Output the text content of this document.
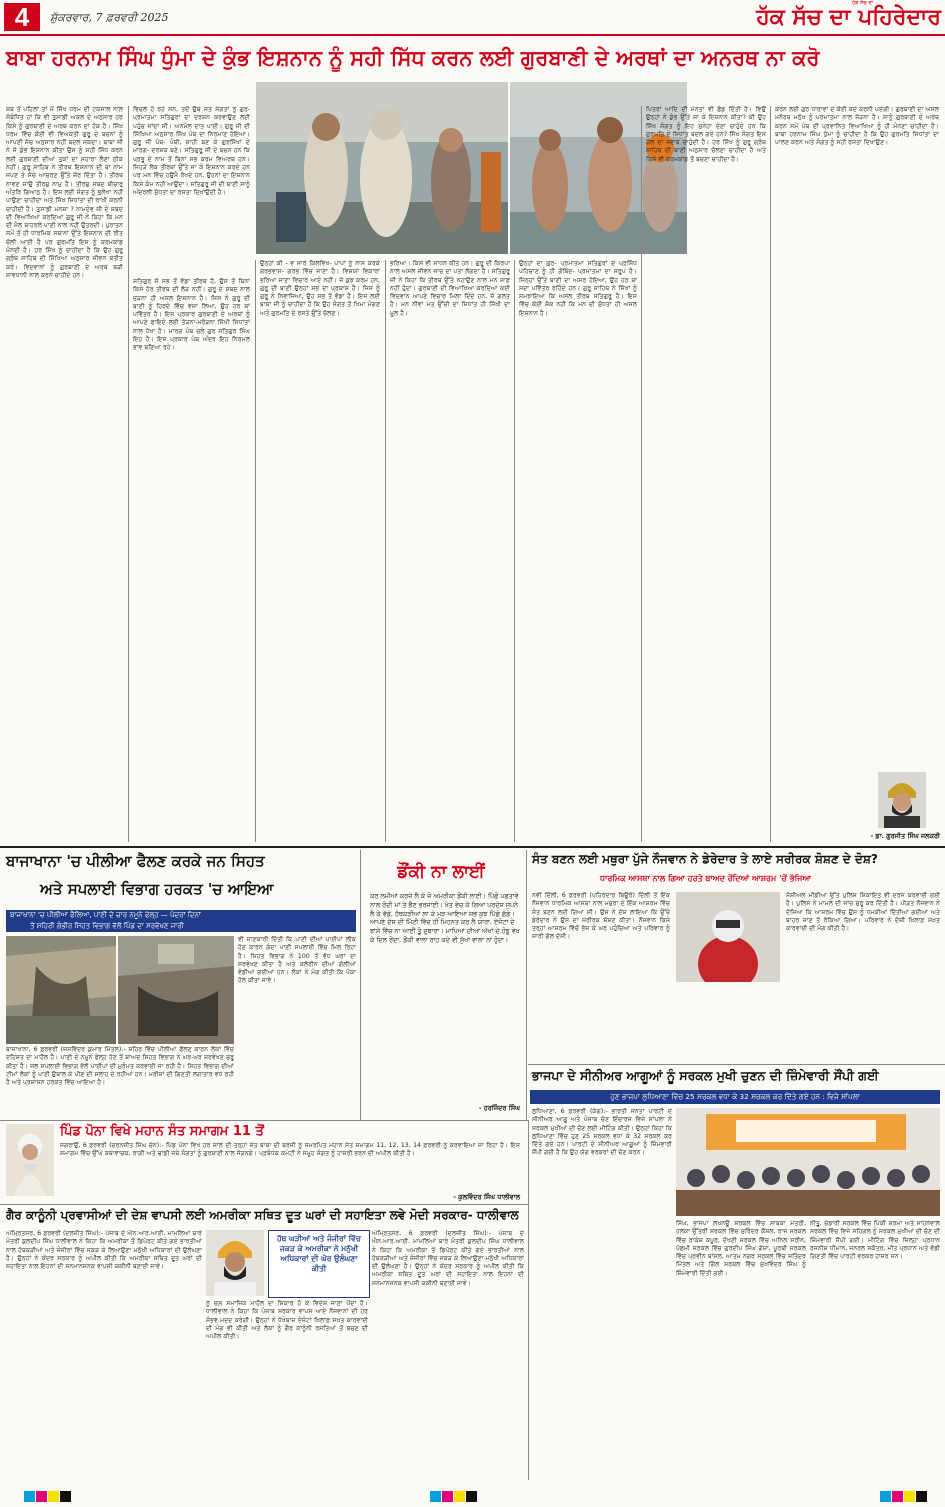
4	ਸ਼ੁੱਕਰਵਾਰ, 7 ਫ਼ਰਵਰੀ 2025
ਹੱਕ ਸੱਚ ਦਾ
ਹੱਕ ਸੱਚ ਦਾ ਪਹਿਰੇਦਾਰ
ਬਾਬਾ ਹਰਨਾਮ ਸਿੰਘ ਧੁੰਮਾ ਦੇ ਕੁੰਭ ਇਸ਼ਨਾਨ ਨੂੰ ਸਹੀ ਸਿੱਧ ਕਰਨ ਲਈ ਗੁਰਬਾਣੀ ਦੇ ਅਰਥਾਂ ਦਾ ਅਨਰਥ ਨਾ ਕਰੋ
ਸ਼ਬ ਤੋਂ ਪਹਿਲਾਂ ਤਾਂ ਮੈਂ ਸਿੱਖ ਧਰਮ ਦੀ ਟਕਸਾਲ ਨਾਲ ਸੰਬੰਧਿਤ ਹਾਂ ਕਿ ਵੀ ਤੁਸਾਡੀ ਅਕਲ ਦੇ ਅਨੁਸਾਰ ਹਰ ਕਿਸੇ ਨੂੰ ਗੁਰਬਾਣੀ ਦੇ ਅਰਥ ਕਰਨ ਦਾ ਹੱਕ ਹੈ। ਸਿੱਖ ਧਰਮ ਵਿੱਚ ਕੋਈ ਵੀ ਵਿਅਕਤੀ ਗੁਰੂ ਦੇ ਬਚਨਾਂ ਨੂੰ ਆਪਣੀ ਸੋਚ ਅਨੁਸਾਰ ਨਹੀਂ ਬਦਲ ਸਕਦਾ। ਬਾਬਾ ਜੀ ਨੇ ਜੋ ਕੁੰਭ ਇਸ਼ਨਾਨ ਕੀਤਾ ਉਸ ਨੂੰ ਸਹੀ ਸਿੱਧ ਕਰਨ ਲਈ ਗੁਰਬਾਣੀ ਦੀਆਂ ਤੁਕਾਂ ਦਾ ਸਹਾਰਾ ਲੈਣਾ ਠੀਕ ਨਹੀਂ। ਗੁਰੂ ਸਾਹਿਬ ਨੇ ਤੀਰਥ ਇਸ਼ਨਾਨ ਦੀ ਥਾਂ ਨਾਮ ਜਪਣ ਤੇ ਸੱਚੇ ਆਚਰਣ ਉੱਤੇ ਜ਼ੋਰ ਦਿੱਤਾ ਹੈ। ਤੀਰਥ ਨਾਵਣ ਜਾਉ ਤੀਰਥੁ ਨਾਮੁ ਹੈ। ਤੀਰਥੁ ਸਬਦ ਬੀਚਾਰੁ ਅੰਤਰਿ ਗਿਆਨੁ ਹੈ। ਇਸ ਲਈ ਸੰਗਤ ਨੂੰ ਭੁਲੇਖਾ ਨਹੀਂ ਪਾਉਣਾ ਚਾਹੀਦਾ ਅਤੇ ਸਿੱਖ ਸਿਧਾਂਤਾਂ ਦੀ ਰਾਖੀ ਕਰਨੀ ਚਾਹੀਦੀ ਹੈ। ਤੁਸਾਡੀ ਮਨਸ਼ਾ ? ਨਾਮਦੇਵ ਜੀ ਦੇ ਸ਼ਬਦ ਦੀ ਵਿਆਖਿਆ ਕਰਦਿਆਂ ਗੁਰੂ ਜੀ ਨੇ ਕਿਹਾ ਕਿ ਮਨ ਦੀ ਮੈਲ ਬਾਹਰਲੇ ਪਾਣੀ ਨਾਲ ਨਹੀਂ ਉਤਰਦੀ। ਪੁਰਾਤਨ ਸਮੇਂ ਤੋਂ ਹੀ ਧਾਰਮਿਕ ਸਥਾਨਾਂ ਉੱਤੇ ਇਸ਼ਨਾਨ ਦੀ ਰੀਤ ਚੱਲੀ ਆਈ ਹੈ ਪਰ ਗੁਰਮਤਿ ਇਸ ਨੂੰ ਕਰਮਕਾਂਡ ਮੰਨਦੀ ਹੈ। ਹਰ ਸਿੱਖ ਨੂੰ ਚਾਹੀਦਾ ਹੈ ਕਿ ਉਹ ਗੁਰੂ ਗ੍ਰੰਥ ਸਾਹਿਬ ਦੀ ਸਿੱਖਿਆ ਅਨੁਸਾਰ ਜੀਵਨ ਬਤੀਤ ਕਰੇ। ਵਿਦਵਾਨਾਂ ਨੂੰ ਗੁਰਬਾਣੀ ਦੇ ਅਰਥ ਬੜੀ ਸਾਵਧਾਨੀ ਨਾਲ ਕਰਨੇ ਚਾਹੀਦੇ ਹਨ।
ਵਿਚਲੇ ਹੋ ਰਹੇ ਸਨ, ਤਦੋਂ ਉਥੇ ਸਤ ਸੰਗਤਾਂ ਨੂੰ ਗੁਰ- ਪ੍ਰਮਾਤਮਾ ਸਤਿਗੁਰਾਂ ਦਾ ਦਰਸ਼ਨ ਕਰਵਾਉਣ ਲਈ ਪਹੁੰਚ ਜਾਂਦਾ ਸੀ। ਅਨਮੋਲ ਦਾਤ ਪਾਈ। ਗੁਰੂ ਜੀ ਦੀ ਸਿੱਖਿਆ ਅਨੁਸਾਰ ਸਿੱਖ ਪੰਥ ਦਾ ਨਿਰਮਾਣ ਹੋਇਆ। ਗੁਰੂ ਜੀ ਪੰਥ- ਪੰਥੀ, ਸ਼ਾਹੀ ਬਣ ਕੇ ਗੁਰਸਿੱਖਾਂ ਦੇ ਮਾਰਗ- ਦਰਸ਼ਕ ਬਣੇ। ਸਤਿਗੁਰੂ ਜੀ ਦੇ ਬਚਨ ਹਨ ਕਿ ਪ੍ਰਭੂ ਦੇ ਨਾਮ ਤੋਂ ਬਿਨਾਂ ਸਭ ਕਰਮ ਵਿਅਰਥ ਹਨ। ਜਿਹੜੇ ਲੋਕ ਤੀਰਥਾਂ ਉੱਤੇ ਜਾ ਕੇ ਇਸ਼ਨਾਨ ਕਰਦੇ ਹਨ ਪਰ ਮਨ ਵਿੱਚ ਹਉਮੈ ਰੱਖਦੇ ਹਨ, ਉਹਨਾਂ ਦਾ ਇਸ਼ਨਾਨ ਕਿਸੇ ਕੰਮ ਨਹੀਂ ਆਉਂਦਾ। ਸਤਿਗੁਰੂ ਜੀ ਦੀ ਬਾਣੀ ਸਾਨੂੰ ਅੰਦਰਲੀ ਸੁੱਧਤਾ ਦਾ ਰਸਤਾ ਦਿਖਾਉਂਦੀ ਹੈ।
ਸਤਿਗੁਰ ਜੋ ਸਭ ਤੋਂ ਵੱਡਾ ਤੀਰਥ ਹੈ, ਉਸ ਤੋਂ ਬਿਨਾਂ ਕਿਸੇ ਹੋਰ ਤੀਰਥ ਦੀ ਲੋੜ ਨਹੀਂ। ਗੁਰੂ ਦੇ ਸ਼ਬਦ ਨਾਲ ਜੁੜਨਾ ਹੀ ਅਸਲ ਇਸ਼ਨਾਨ ਹੈ। ਜਿਸ ਨੇ ਗੁਰੂ ਦੀ ਬਾਣੀ ਨੂੰ ਹਿਰਦੇ ਵਿੱਚ ਵਸਾ ਲਿਆ, ਉਹ ਹਰ ਥਾਂ ਪਵਿੱਤਰ ਹੈ। ਇਸ ਪ੍ਰਕਾਰ ਗੁਰਬਾਣੀ ਦੇ ਅਰਥਾਂ ਨੂੰ ਆਪਣੇ ਫਾਇਦੇ ਲਈ ਤੋੜਨਾ-ਮਰੋੜਨਾ ਸਿੱਖੀ ਸਿਧਾਂਤਾਂ ਨਾਲ ਧੋਖਾ ਹੈ। ਮਾਰਗ ਪੰਥ ਚਲੇ ਗੁਰ ਸਤਿਗੁਰ ਸਿੰਘ ਇਹ ਹੈ। ਇਸ ਪ੍ਰਕਾਰ ਪੰਥ ਅੰਦਰ ਇਹ ਨਿਰਮਲ ਭਾਵ ਬਣਿਆ ਰਹੇ।
ਉਨ੍ਹਾਂ ਕੀ - ਵ ਸਾਰੇ ਕਿਲਵਿਖ- ਪਾਪਾਂ ਨੂੰ ਨਾਸ ਕਰਕੇ ਗਰਭਵਾਸ- ਗਰਭ ਵਿੱਚ ਜਾਣਾ ਹੈ। ਵਿਸ਼ਯਾਂ ਵਿਕਾਰਾਂ ਭਰਿਆ ਜਾਣਾ ਵਿਚਾਰ ਆਏ ਨਹੀਂ। ਜੋ ਕੁਝ ਕਰਮ ਹਨ, ਗੁਰੂ ਦੀ ਬਾਣੀ ਉਨ੍ਹਾਂ ਸਭ ਦਾ ਪ੍ਰਕਾਸ਼ ਹੈ। ਜਿਸ ਨੂੰ ਗੁਰੂ ਨੇ ਨਿਵਾਜਿਆ, ਉਹ ਸਭ ਤੋਂ ਵੱਡਾ ਹੈ। ਇਸ ਲਈ ਬਾਬਾ ਜੀ ਨੂੰ ਚਾਹੀਦਾ ਹੈ ਕਿ ਉਹ ਸੰਗਤ ਤੋਂ ਖਿਮਾ ਮੰਗਣ ਅਤੇ ਗੁਰਮਤਿ ਦੇ ਰਸਤੇ ਉੱਤੇ ਚੱਲਣ।
ਭਰਿਆ। ਕਿਸੇ ਵੀ ਸਾਧਨ ਕੀਤੇ ਹਨ। ਗੁਰੂ ਦੀ ਕਿਰਪਾ ਨਾਲ ਅਸਲ ਜੀਵਨ ਜਾਚ ਦਾ ਪਤਾ ਲੱਗਦਾ ਹੈ। ਸਤਿਗੁਰੂ ਜੀ ਨੇ ਕਿਹਾ ਕਿ ਤੀਰਥ ਉੱਤੇ ਨਹਾਉਣ ਨਾਲ ਮਨ ਸਾਫ਼ ਨਹੀਂ ਹੁੰਦਾ। ਗੁਰਬਾਣੀ ਦੀ ਵਿਆਖਿਆ ਕਰਦਿਆਂ ਕਈ ਵਿਦਵਾਨ ਆਪਣੇ ਵਿਚਾਰ ਮਿਲਾ ਦਿੰਦੇ ਹਨ, ਜੋ ਗਲਤ ਹੈ। ਮਨ ਨੀਵਾਂ ਮਤ ਉੱਚੀ ਦਾ ਸਿਧਾਂਤ ਹੀ ਸਿੱਖੀ ਦਾ ਮੂਲ ਹੈ।
ਉਨ੍ਹਾਂ ਦਾ ਗੁਰ- ਪ੍ਰਮਾਤਮਾ ਸਤਿਗੁਰਾਂ ਦੇ ਪ੍ਰਸ਼ਿੱਧ ਪਹਿਚਾਣ ਨੂੰ ਹੀ ਗੋਬਿੰਦ- ਪ੍ਰਮਾਤਮਾ ਦਾ ਸਰੂਪ ਹੈ। ਜਿਨ੍ਹਾਂ ਉੱਤੇ ਬਾਣੀ ਦਾ ਅਸਰ ਹੋਇਆ, ਉਹ ਹਰ ਥਾਂ ਸਦਾ ਪਵਿੱਤਰ ਰਹਿੰਦੇ ਹਨ। ਗੁਰੂ ਸਾਹਿਬ ਨੇ ਸਿੱਖਾਂ ਨੂੰ ਸਮਝਾਇਆ ਕਿ ਅਸਲ ਤੀਰਥ ਸਤਿਗੁਰੂ ਹੈ। ਇਸ ਵਿੱਚ ਕੋਈ ਸ਼ੱਕ ਨਹੀਂ ਕਿ ਮਨ ਦੀ ਸੁੱਧਤਾ ਹੀ ਅਸਲ ਇਸ਼ਨਾਨ ਹੈ।
ਪਿਤਰਾਂ ਆਦਿ ਦੀ ਮੰਨਤਾਂ ਵੀ ਛੱਡ ਦਿੱਤੀ ਹੈ। ਵਿਉਂ ਉਨ੍ਹਾਂ ਨੇ ਕੁੰਭ ਉੱਤੇ ਜਾ ਕੇ ਇਸ਼ਨਾਨ ਕੀਤਾ? ਕੀ ਉਹ ਸਿੱਖ ਸੰਗਤ ਨੂੰ ਇਹ ਸੁਨੇਹਾ ਦੇਣਾ ਚਾਹੁੰਦੇ ਹਨ ਕਿ ਗੁਰਮਤਿ ਦੇ ਸਿਧਾਂਤ ਬਦਲ ਗਏ ਹਨ? ਸਿੱਖ ਸੰਗਤ ਇਸ ਗੱਲ ਦਾ ਜਵਾਬ ਚਾਹੁੰਦੀ ਹੈ। ਹਰ ਸਿੱਖ ਨੂੰ ਗੁਰੂ ਗ੍ਰੰਥ ਸਾਹਿਬ ਦੀ ਬਾਣੀ ਅਨੁਸਾਰ ਚੱਲਣਾ ਚਾਹੀਦਾ ਹੈ ਅਤੇ ਕਿਸੇ ਵੀ ਕਰਮਕਾਂਡ ਤੋਂ ਬਚਣਾ ਚਾਹੀਦਾ ਹੈ।
ਕਰਨ ਲਈ ਗੁਰ ਧਾਰਾਵਾਂ ਦੇ ਕੋਈ ਕਦੇ ਕਰਨੀ ਪਏਗੀ। ਗੁਰਬਾਣੀ ਦਾ ਅਸਲ ਮਨੋਰਥ ਮਨੁੱਖ ਨੂੰ ਪਰਮਾਤਮਾ ਨਾਲ ਜੋੜਨਾ ਹੈ। ਸਾਨੂੰ ਗੁਰਬਾਣੀ ਦੇ ਅਰਥ ਕਰਨ ਸਮੇਂ ਪੰਥ ਦੀ ਪ੍ਰਵਾਨਿਤ ਵਿਆਖਿਆ ਨੂੰ ਹੀ ਮੰਨਣਾ ਚਾਹੀਦਾ ਹੈ। ਬਾਬਾ ਹਰਨਾਮ ਸਿੰਘ ਧੁੰਮਾ ਨੂੰ ਚਾਹੀਦਾ ਹੈ ਕਿ ਉਹ ਗੁਰਮਤਿ ਸਿਧਾਂਤਾਂ ਦਾ ਪਾਲਣ ਕਰਨ ਅਤੇ ਸੰਗਤ ਨੂੰ ਸਹੀ ਰਸਤਾ ਦਿਖਾਉਣ।
- ਡਾ. ਗੁਰਜੀਤ ਸਿੰਘ ਜਲਕਰੀ
ਬਾਜਾਖਾਨਾ 'ਚ ਪੀਲੀਆ ਫੈਲਣ ਕਰਕੇ ਜਨ ਸਿਹਤ
ਅਤੇ ਸਪਲਾਈ ਵਿਭਾਗ ਹਰਕਤ 'ਚ ਆਇਆ
ਬਾਜਾਖਾਨਾ 'ਚ ਪੀਲੀਆ ਫੈਲਿਆ, ਪਾਣੀ ਦੇ ਚਾਰ ਨਮੂਨੇ ਫੇਲ੍ਹ — ਪੰਦਰਾਂ ਦਿਨਾਂ
ਤੋਂ ਸ਼ਹਿਰੀ ਗੰਭੀਰ ਸਿਹਤ ਵਿਭਾਗ ਵੱਲੋਂ ਪਿੰਡ ਦਾ ਸਰਵੇਖਣ ਜਾਰੀ
ਬਾਜਾਖਾਨਾ, 6 ਫ਼ਰਵਰੀ (ਜਸਵਿੰਦਰ ਕੁਮਾਰ ਮਿੱਤਲ):- ਸ਼ਹਿਰ ਵਿੱਚ ਪੀਲੀਆ ਫੈਲਣ ਕਾਰਨ ਲੋਕਾਂ ਵਿੱਚ ਦਹਿਸ਼ਤ ਦਾ ਮਾਹੌਲ ਹੈ। ਪਾਣੀ ਦੇ ਨਮੂਨੇ ਫੇਲ੍ਹ ਹੋਣ ਤੋਂ ਬਾਅਦ ਸਿਹਤ ਵਿਭਾਗ ਨੇ ਘਰ-ਘਰ ਸਰਵੇਖਣ ਸ਼ੁਰੂ ਕੀਤਾ ਹੈ। ਜਲ ਸਪਲਾਈ ਵਿਭਾਗ ਵੱਲੋਂ ਪਾਈਪਾਂ ਦੀ ਮੁਰੰਮਤ ਕਰਵਾਈ ਜਾ ਰਹੀ ਹੈ। ਸਿਹਤ ਵਿਭਾਗ ਦੀਆਂ ਟੀਮਾਂ ਲੋਕਾਂ ਨੂੰ ਪਾਣੀ ਉਬਾਲ ਕੇ ਪੀਣ ਦੀ ਸਲਾਹ ਦੇ ਰਹੀਆਂ ਹਨ। ਮਰੀਜ਼ਾਂ ਦੀ ਗਿਣਤੀ ਲਗਾਤਾਰ ਵਧ ਰਹੀ ਹੈ ਅਤੇ ਪ੍ਰਸ਼ਾਸਨ ਹਰਕਤ ਵਿੱਚ ਆਇਆ ਹੈ।
ਵੀ ਜਾਣਕਾਰੀ ਦਿੱਤੀ ਕਿ ਪਾਣੀ ਦੀਆਂ ਪਾਈਪਾਂ ਲੀਕ ਹੋਣ ਕਾਰਨ ਗੰਦਾ ਪਾਣੀ ਸਪਲਾਈ ਵਿੱਚ ਮਿਲ ਰਿਹਾ ਹੈ। ਸਿਹਤ ਵਿਭਾਗ ਨੇ 100 ਤੋਂ ਵੱਧ ਘਰਾਂ ਦਾ ਸਰਵੇਖਣ ਕੀਤਾ ਹੈ ਅਤੇ ਕਲੋਰੀਨ ਦੀਆਂ ਗੋਲੀਆਂ ਵੰਡੀਆਂ ਗਈਆਂ ਹਨ। ਲੋਕਾਂ ਨੇ ਮੰਗ ਕੀਤੀ ਕਿ ਪੱਕਾ ਹੱਲ ਕੀਤਾ ਜਾਵੇ।
ਡੌਂਕੀ ਨਾ ਲਾਈਂ
ਕਰ ਲਮੀਆਂ ਕਰਜ਼ੇ ਲੈ ਕੇ ਜੋ ਅਮਰੀਕਾ ਡੌਂਕੀ ਲਾਈ। ਪਿੱਛੋਂ ਪਛਤਾਵੇ ਨਾਲ ਰੋਂਦੀ ਮਾਂ ਤੇ ਭੈਣ ਭਰਜਾਈ। ਖੇਤ ਵੇਚ ਕੇ ਗਿਆ ਪਰਦੇਸ ਸੁਪਨੇ ਲੈ ਕੇ ਵੱਡੇ, ਹੱਥਕੜੀਆਂ ਲਾ ਕੇ ਮੁੜ ਆਇਆ ਸਭ ਕੁਝ ਪਿੱਛੇ ਛੱਡੇ। ਆਪਣੇ ਦੇਸ ਦੀ ਮਿੱਟੀ ਵਿੱਚ ਹੀ ਮਿਹਨਤ ਕਰ ਲੈ ਯਾਰਾ, ਏਜੰਟਾਂ ਦੇ ਝਾਂਸੇ ਵਿੱਚ ਨਾ ਆਈਂ ਤੂੰ ਦੁਬਾਰਾ। ਮਾਪਿਆਂ ਦੀਆਂ ਅੱਖਾਂ ਦੇ ਹੰਝੂ ਵੇਖ ਕੇ ਦਿਲ ਰੋਂਦਾ, ਡੌਂਕੀ ਵਾਲਾ ਰਾਹ ਕਦੇ ਵੀ ਸੁੱਖਾਂ ਵਾਲਾ ਨਾ ਹੁੰਦਾ।
- ਹਰਜਿੰਦਰ ਸਿੰਘ
ਸੰਤ ਬਣਨ ਲਈ ਮਥੁਰਾ ਪੁੱਜੇ ਨੌਜਵਾਨ ਨੇ ਡੇਰੇਦਾਰ ਤੇ ਲਾਏ ਸਰੀਰਕ ਸ਼ੋਸ਼ਣ ਦੇ ਦੋਸ਼?
ਧਾਰਮਿਕ ਆਸਥਾ ਨਾਲ ਗਿਆ ਹਰਤੇ ਬਾਅਦ ਰੋਂਦਿਆਂ ਆਸ਼ਰਮ 'ਚੋਂ ਭੱਜਿਆ
ਨਵੀਂ ਦਿੱਲੀ, 6 ਫ਼ਰਵਰੀ (ਪਹਿਰੇਦਾਰ ਬਿਊਰੋ) ਦਿੱਲੀ ਤੋਂ ਇੱਕ ਨੌਜਵਾਨ ਧਾਰਮਿਕ ਆਸਥਾ ਨਾਲ ਮਥੁਰਾ ਦੇ ਇੱਕ ਆਸ਼ਰਮ ਵਿੱਚ ਸੰਤ ਬਣਨ ਲਈ ਗਿਆ ਸੀ। ਉਸ ਨੇ ਦੋਸ਼ ਲਾਇਆ ਕਿ ਉੱਥੇ ਡੇਰੇਦਾਰ ਨੇ ਉਸ ਦਾ ਸਰੀਰਕ ਸ਼ੋਸ਼ਣ ਕੀਤਾ। ਨੌਜਵਾਨ ਕਿਸੇ ਤਰ੍ਹਾਂ ਆਸ਼ਰਮ ਵਿੱਚੋਂ ਭੱਜ ਕੇ ਘਰ ਪਹੁੰਚਿਆ ਅਤੇ ਪਰਿਵਾਰ ਨੂੰ ਸਾਰੀ ਗੱਲ ਦੱਸੀ।
ਸੋਸ਼ੀਅਲ ਮੀਡੀਆ ਉੱਤੇ ਪੁਲਿਸ ਸ਼ਿਕਾਇਤ ਵੀ ਦਰਜ ਕਰਵਾਈ ਗਈ ਹੈ। ਪੁਲਿਸ ਨੇ ਮਾਮਲੇ ਦੀ ਜਾਂਚ ਸ਼ੁਰੂ ਕਰ ਦਿੱਤੀ ਹੈ। ਪੀੜਤ ਨੌਜਵਾਨ ਨੇ ਦੱਸਿਆ ਕਿ ਆਸ਼ਰਮ ਵਿੱਚ ਉਸ ਨੂੰ ਧਮਕੀਆਂ ਦਿੱਤੀਆਂ ਗਈਆਂ ਅਤੇ ਬਾਹਰ ਜਾਣ ਤੋਂ ਰੋਕਿਆ ਗਿਆ। ਪਰਿਵਾਰ ਨੇ ਦੋਸ਼ੀ ਖ਼ਿਲਾਫ਼ ਸਖ਼ਤ ਕਾਰਵਾਈ ਦੀ ਮੰਗ ਕੀਤੀ ਹੈ।
ਭਾਜਪਾ ਦੇ ਸੀਨੀਅਰ ਆਗੂਆਂ ਨੂੰ ਸਰਕਲ ਮੁਖੀ ਚੁਣਨ ਦੀ ਜ਼ਿੰਮੇਵਾਰੀ ਸੌਂਪੀ ਗਈ
ਹੁਣ ਭਾਜਪਾ ਲੁਧਿਆਣਾ ਵਿੱਚ 25 ਸਰਕਲ ਵਧਾ ਕੇ 32 ਸਰਕਲ ਕਰ ਦਿੱਤੇ ਗਏ ਹਨ : ਵਿਜੇ ਸਾਂਪਲਾ
ਲੁਧਿਆਣਾ, 6 ਫ਼ਰਵਰੀ (ਕੰਗ):- ਭਾਰਤੀ ਜਨਤਾ ਪਾਰਟੀ ਦੇ ਸੀਨੀਅਰ ਆਗੂ ਅਤੇ ਪੰਜਾਬ ਚੋਣ ਇੰਚਾਰਜ ਵਿਜੇ ਸਾਂਪਲਾ ਨੇ ਸਰਕਲ ਮੁਖੀਆਂ ਦੀ ਚੋਣ ਲਈ ਮੀਟਿੰਗ ਕੀਤੀ। ਉਨ੍ਹਾਂ ਕਿਹਾ ਕਿ ਲੁਧਿਆਣਾ ਵਿੱਚ ਹੁਣ 25 ਸਰਕਲ ਵਧਾ ਕੇ 32 ਸਰਕਲ ਕਰ ਦਿੱਤੇ ਗਏ ਹਨ। ਪਾਰਟੀ ਦੇ ਸੀਨੀਅਰ ਆਗੂਆਂ ਨੂੰ ਜ਼ਿੰਮੇਵਾਰੀ ਸੌਂਪੀ ਗਈ ਹੈ ਕਿ ਉਹ ਯੋਗ ਵਰਕਰਾਂ ਦੀ ਚੋਣ ਕਰਨ।
ਸਿੰਘ, ਭਾਜਪਾ ਲਖਨਊ ਸਰਕਲ ਵਿੱਚ ਸਾਬਕਾ ਮੰਤਰੀ, ਹਲਕਾ ਉੱਤਰੀ ਸਰਕਲ ਵਿੱਚ ਸੁਰਿੰਦਰ ਕੌਸ਼ਲ, ਰਾਜ ਸਰਕਲ ਵਿੱਚ ਰਾਕੇਸ਼ ਕਪੂਰ, ਦੱਖਣੀ ਸਰਕਲ ਵਿੱਚ ਅਨਿਲ ਸਰੀਨ, ਪੱਛਮੀ ਸਰਕਲ ਵਿੱਚ ਗੁਰਦੀਪ ਸਿੰਘ ਗੋਸ਼ਾ, ਪੂਰਬੀ ਸਰਕਲ ਵਿੱਚ ਪ੍ਰਵੀਨ ਬਾਂਸਲ, ਆਤਮ ਨਗਰ ਸਰਕਲ ਵਿੱਚ ਜਤਿੰਦਰ ਮਿੱਤਲ ਅਤੇ ਗਿੱਲ ਸਰਕਲ ਵਿੱਚ ਸੁਖਵਿੰਦਰ ਸਿੰਘ ਨੂੰ ਜ਼ਿੰਮੇਵਾਰੀ ਦਿੱਤੀ ਗਈ।
ਨੀਤੂ, ਚੰਡਾਰੀ ਸਰਕਲ ਵਿੱਚ ਪਿੰਕੀ ਸ਼ਰਮਾ ਅਤੇ ਸਾਹਨੇਵਾਲ ਸਰਕਲ ਵਿੱਚ ਵਿਜੇ ਸਹਿਗਲ ਨੂੰ ਸਰਕਲ ਮੁਖੀਆਂ ਦੀ ਚੋਣ ਦੀ ਜ਼ਿੰਮੇਵਾਰੀ ਸੌਂਪੀ ਗਈ। ਮੀਟਿੰਗ ਵਿੱਚ ਜ਼ਿਲ੍ਹਾ ਪ੍ਰਧਾਨ ਰਜਨੀਸ਼ ਧੀਮਾਨ, ਜਨਰਲ ਸਕੱਤਰ, ਮੀਤ ਪ੍ਰਧਾਨ ਅਤੇ ਵੱਡੀ ਗਿਣਤੀ ਵਿੱਚ ਪਾਰਟੀ ਵਰਕਰ ਹਾਜ਼ਰ ਸਨ।
ਪਿੰਡ ਪੋਨਾ ਵਿਖੇ ਮਹਾਨ ਸੰਤ ਸਮਾਗਮ 11 ਤੋਂ
ਜਗਰਾਉਂ, 6 ਫ਼ਰਵਰੀ (ਚਰਨਜੀਤ ਸਿੰਘ ਚੰਨ):- ਪਿੰਡ ਪੋਨਾ ਵਿਖੇ ਹਰ ਸਾਲ ਦੀ ਤਰ੍ਹਾਂ ਸੰਤ ਬਾਬਾ ਦੀ ਬਰਸੀ ਨੂੰ ਸਮਰਪਿਤ ਮਹਾਨ ਸੰਤ ਸਮਾਗਮ 11, 12, 13, 14 ਫ਼ਰਵਰੀ ਨੂੰ ਕਰਵਾਇਆ ਜਾ ਰਿਹਾ ਹੈ। ਇਸ ਸਮਾਗਮ ਵਿੱਚ ਉੱਘੇ ਕਥਾਵਾਚਕ, ਰਾਗੀ ਅਤੇ ਢਾਡੀ ਜਥੇ ਸੰਗਤਾਂ ਨੂੰ ਗੁਰਬਾਣੀ ਨਾਲ ਜੋੜਨਗੇ। ਪ੍ਰਬੰਧਕ ਕਮੇਟੀ ਨੇ ਸਮੂਹ ਸੰਗਤ ਨੂੰ ਹਾਜ਼ਰੀ ਭਰਨ ਦੀ ਅਪੀਲ ਕੀਤੀ ਹੈ।
- ਕੁਲਵਿੰਦਰ ਸਿੰਘ ਧਾਲੀਵਾਲ
ਗੈਰ ਕਾਨੂੰਨੀ ਪ੍ਰਵਾਸੀਆਂ ਦੀ ਦੇਸ਼ ਵਾਪਸੀ ਲਈ ਅਮਰੀਕਾ ਸਥਿਤ ਦੂਤ ਘਰਾਂ ਦੀ ਸਹਾਇਤਾ ਲਵੇ ਮੋਦੀ ਸਰਕਾਰ- ਧਾਲੀਵਾਲ
ਅੰਮ੍ਰਿਤਸਰ, 6 ਫ਼ਰਵਰੀ (ਦਲਜੀਤ ਸਿੰਘ):- ਪੰਜਾਬ ਦੇ ਐਨ.ਆਰ.ਆਈ. ਮਾਮਲਿਆਂ ਬਾਰੇ ਮੰਤਰੀ ਕੁਲਦੀਪ ਸਿੰਘ ਧਾਲੀਵਾਲ ਨੇ ਕਿਹਾ ਕਿ ਅਮਰੀਕਾ ਤੋਂ ਡਿਪੋਰਟ ਕੀਤੇ ਗਏ ਭਾਰਤੀਆਂ ਨਾਲ ਹੱਥਕੜੀਆਂ ਅਤੇ ਜ਼ੰਜੀਰਾਂ ਵਿੱਚ ਜਕੜ ਕੇ ਲਿਆਉਣਾ ਮਨੁੱਖੀ ਅਧਿਕਾਰਾਂ ਦੀ ਉਲੰਘਣਾ ਹੈ। ਉਨ੍ਹਾਂ ਨੇ ਕੇਂਦਰ ਸਰਕਾਰ ਨੂੰ ਅਪੀਲ ਕੀਤੀ ਕਿ ਅਮਰੀਕਾ ਸਥਿਤ ਦੂਤ ਘਰਾਂ ਦੀ ਸਹਾਇਤਾ ਨਾਲ ਇਹਨਾਂ ਦੀ ਸਨਮਾਨਜਨਕ ਵਾਪਸੀ ਯਕੀਨੀ ਬਣਾਈ ਜਾਵੇ।
ਹੱਥ ਘੜੀਆਂ ਅਤੇ ਜੰਜੀਰਾਂ ਵਿੱਚ ਜਕੜ ਕੇ ਅਮਰੀਕਾ ਨੇ ਮਨੁੱਖੀ ਅਧਿਕਾਰਾਂ ਦੀ ਘੋਰ ਉਲੰਘਣਾ ਕੀਤੀ
ਨੂੰ ਚਲ਼ ਸਮਾਜਿਕ ਮਾਹੌਲ ਦਾ ਸ਼ਿਕਾਰ ਹੋ ਕੇ ਵਿਦੇਸ਼ ਜਾਣਾ ਪੈਂਦਾ ਹੈ। ਧਾਲੀਵਾਲ ਨੇ ਕਿਹਾ ਕਿ ਪੰਜਾਬ ਸਰਕਾਰ ਵਾਪਸ ਆਏ ਨੌਜਵਾਨਾਂ ਦੀ ਹਰ ਸੰਭਵ ਮਦਦ ਕਰੇਗੀ। ਉਨ੍ਹਾਂ ਨੇ ਧੋਖੇਬਾਜ਼ ਏਜੰਟਾਂ ਖ਼ਿਲਾਫ਼ ਸਖ਼ਤ ਕਾਰਵਾਈ ਦੀ ਮੰਗ ਵੀ ਕੀਤੀ ਅਤੇ ਲੋਕਾਂ ਨੂੰ ਗੈਰ ਕਾਨੂੰਨੀ ਰਸਤਿਆਂ ਤੋਂ ਬਚਣ ਦੀ ਅਪੀਲ ਕੀਤੀ।
ਅੰਮ੍ਰਿਤਸਰ, 6 ਫ਼ਰਵਰੀ (ਦਲਜੀਤ ਸਿੰਘ):- ਪੰਜਾਬ ਦੇ ਐਨ.ਆਰ.ਆਈ. ਮਾਮਲਿਆਂ ਬਾਰੇ ਮੰਤਰੀ ਕੁਲਦੀਪ ਸਿੰਘ ਧਾਲੀਵਾਲ ਨੇ ਕਿਹਾ ਕਿ ਅਮਰੀਕਾ ਤੋਂ ਡਿਪੋਰਟ ਕੀਤੇ ਗਏ ਭਾਰਤੀਆਂ ਨਾਲ ਹੱਥਕੜੀਆਂ ਅਤੇ ਜ਼ੰਜੀਰਾਂ ਵਿੱਚ ਜਕੜ ਕੇ ਲਿਆਉਣਾ ਮਨੁੱਖੀ ਅਧਿਕਾਰਾਂ ਦੀ ਉਲੰਘਣਾ ਹੈ। ਉਨ੍ਹਾਂ ਨੇ ਕੇਂਦਰ ਸਰਕਾਰ ਨੂੰ ਅਪੀਲ ਕੀਤੀ ਕਿ ਅਮਰੀਕਾ ਸਥਿਤ ਦੂਤ ਘਰਾਂ ਦੀ ਸਹਾਇਤਾ ਨਾਲ ਇਹਨਾਂ ਦੀ ਸਨਮਾਨਜਨਕ ਵਾਪਸੀ ਯਕੀਨੀ ਬਣਾਈ ਜਾਵੇ।
